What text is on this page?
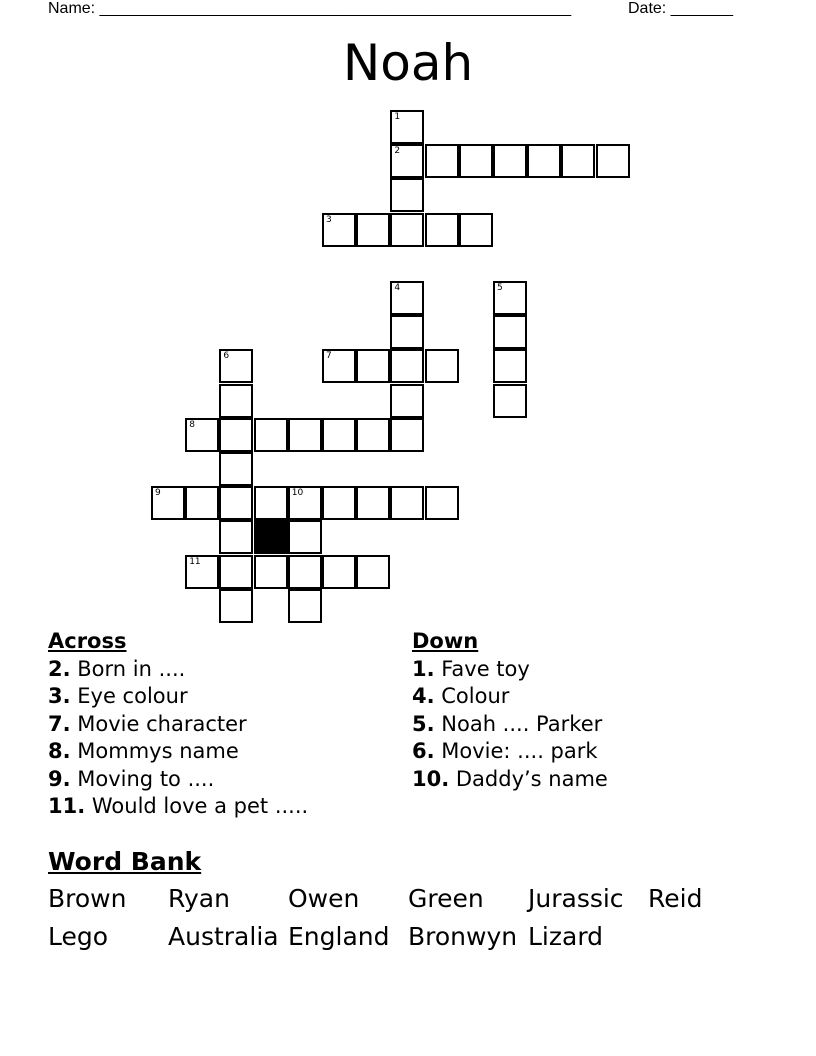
Name: _____________________________________________________	Date: _______
Noah
1
2
3
4	5
6	7
8
9	10
11
Across
2. Born in ....
3. Eye colour
7. Movie character
8. Mommys name
9. Moving to ....
11. Would love a pet .....
Down
1. Fave toy
4. Colour
5. Noah .... Parker
6. Movie: .... park
10. Daddy’s name
Word Bank
Brown Ryan Owen Green Jurassic Reid
Lego Australia England Bronwyn Lizard
